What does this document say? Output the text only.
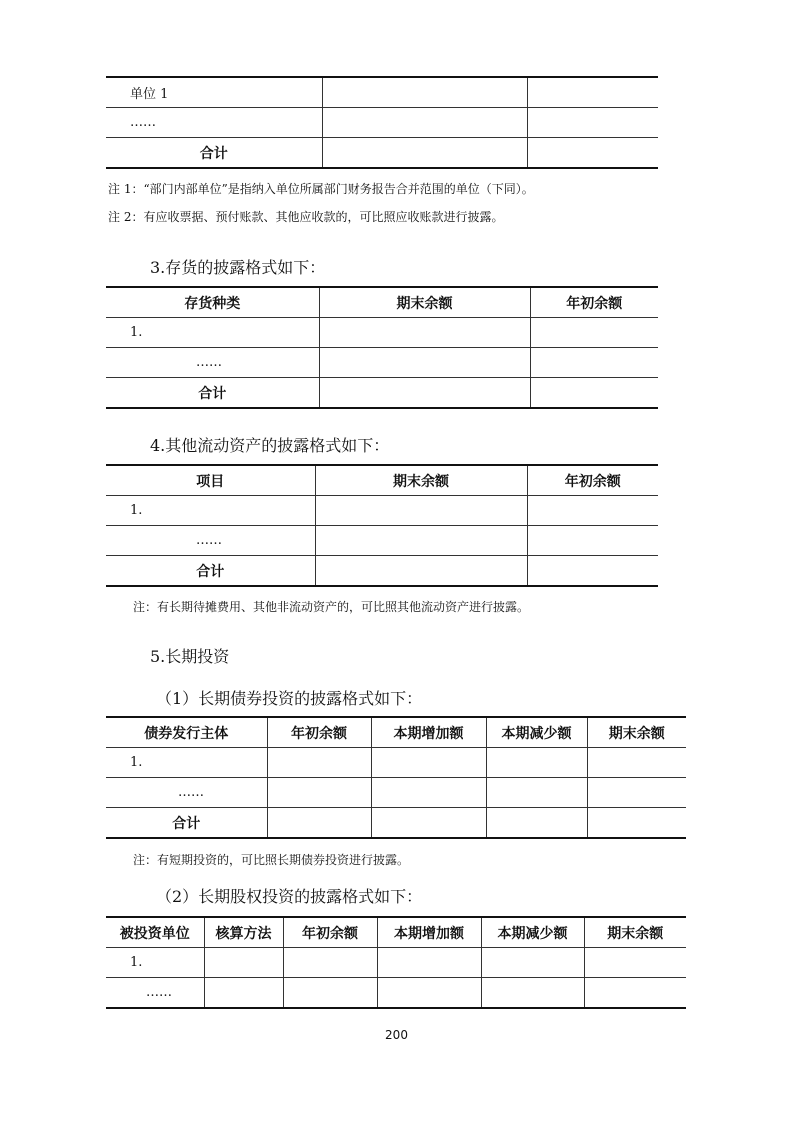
单位 1		
……		
合计		
注 1：“部门内部单位”是指纳入单位所属部门财务报告合并范围的单位（下同）。
注 2：有应收票据、预付账款、其他应收款的，可比照应收账款进行披露。
3.存货的披露格式如下：
存货种类	期末余额	年初余额
1.		
……		
合计		
4.其他流动资产的披露格式如下：
项目	期末余额	年初余额
1.		
……		
合计		
注：有长期待摊费用、其他非流动资产的，可比照其他流动资产进行披露。
5.长期投资
（1）长期债券投资的披露格式如下：
债券发行主体	年初余额	本期增加额	本期减少额	期末余额
1.				
……				
合计				
注：有短期投资的，可比照长期债券投资进行披露。
（2）长期股权投资的披露格式如下：
被投资单位	核算方法	年初余额	本期增加额	本期减少额	期末余额
1.					
……					
200
